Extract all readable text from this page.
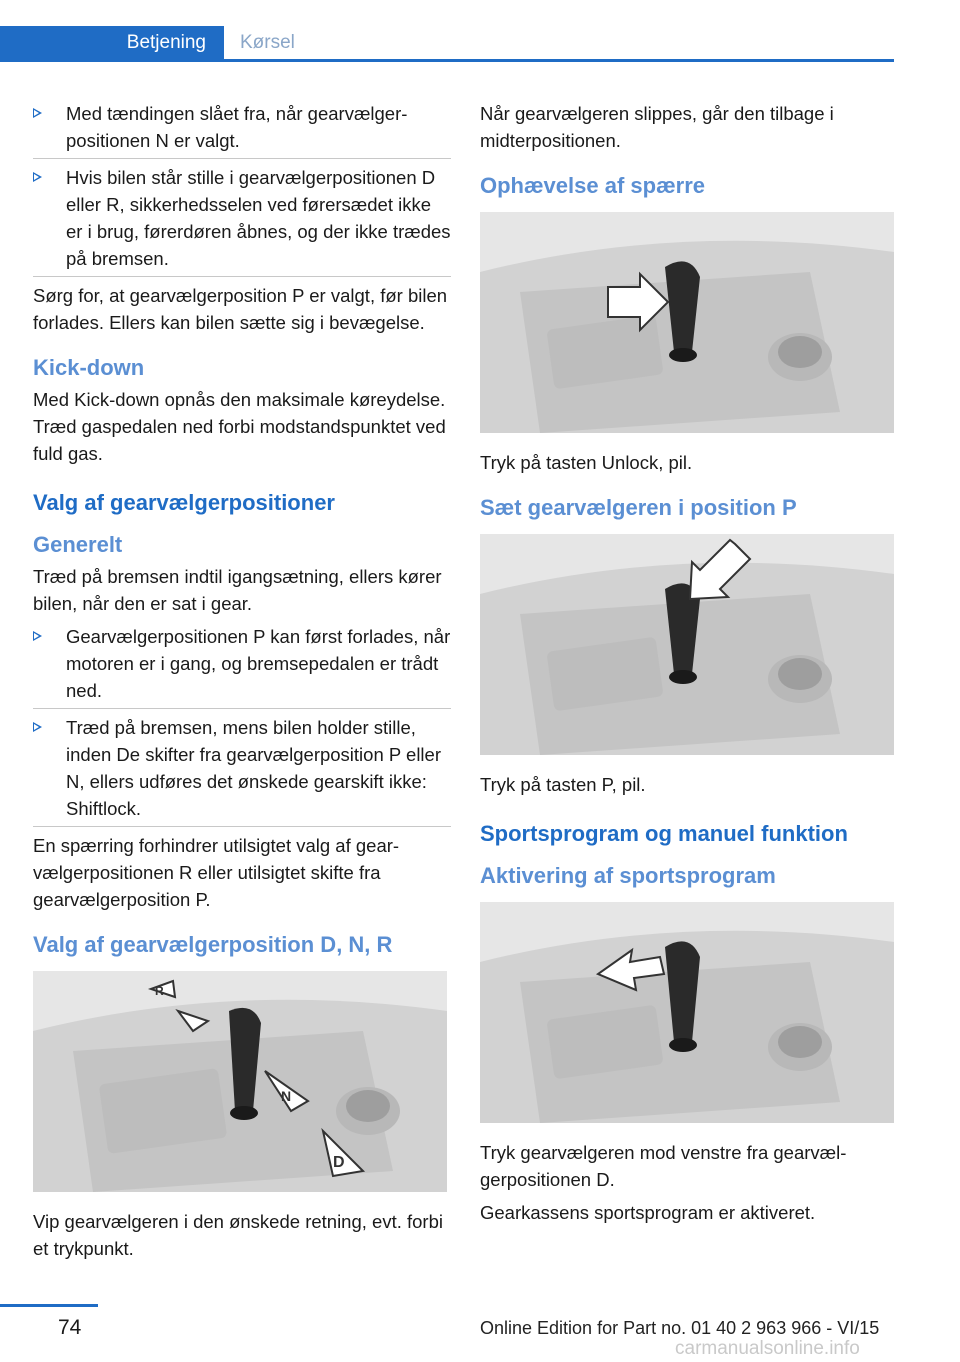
Betjening	Kørsel
Med tændingen slået fra, når gearvælgerpositionen N er valgt.
Hvis bilen står stille i gearvælgerpositionen D eller R, sikkerhedsselen ved førersædet ikke er i brug, førerdøren åbnes, og der ikke trædes på bremsen.

Sørg for, at gearvælgerposition P er valgt, før bilen forlades. Ellers kan bilen sætte sig i bevægelse.

Kick-down

Med Kick-down opnås den maksimale køreydelse. Træd gaspedalen ned forbi modstandspunktet ved fuld gas.

Valg af gearvælgerpositioner
Generelt

Træd på bremsen indtil igangsætning, ellers kører bilen, når den er sat i gear.

Gearvælgerpositionen P kan først forlades, når motoren er i gang, og bremsepedalen er trådt ned.
Træd på bremsen, mens bilen holder stille, inden De skifter fra gearvælgerposition P eller N, ellers udføres det ønskede gearskift ikke: Shiftlock.

En spærring forhindrer utilsigtet valg af gearvælgerpositionen R eller utilsigtet skifte fra gearvælgerposition P.

Valg af gearvælgerposition D, N, R
R
N
D

Vip gearvælgeren i den ønskede retning, evt. forbi et trykpunkt.

Når gearvælgeren slippes, går den tilbage i midterpositionen.

Ophævelse af spærre

Tryk på tasten Unlock, pil.

Sæt gearvælgeren i position P

Tryk på tasten P, pil.

Sportsprogram og manuel funktion
Aktivering af sportsprogram

Tryk gearvælgeren mod venstre fra gearvælgerpositionen D.

Gearkassens sportsprogram er aktiveret.

74	Online Edition for Part no. 01 40 2 963 966 - VI/15
carmanualsonline.info
